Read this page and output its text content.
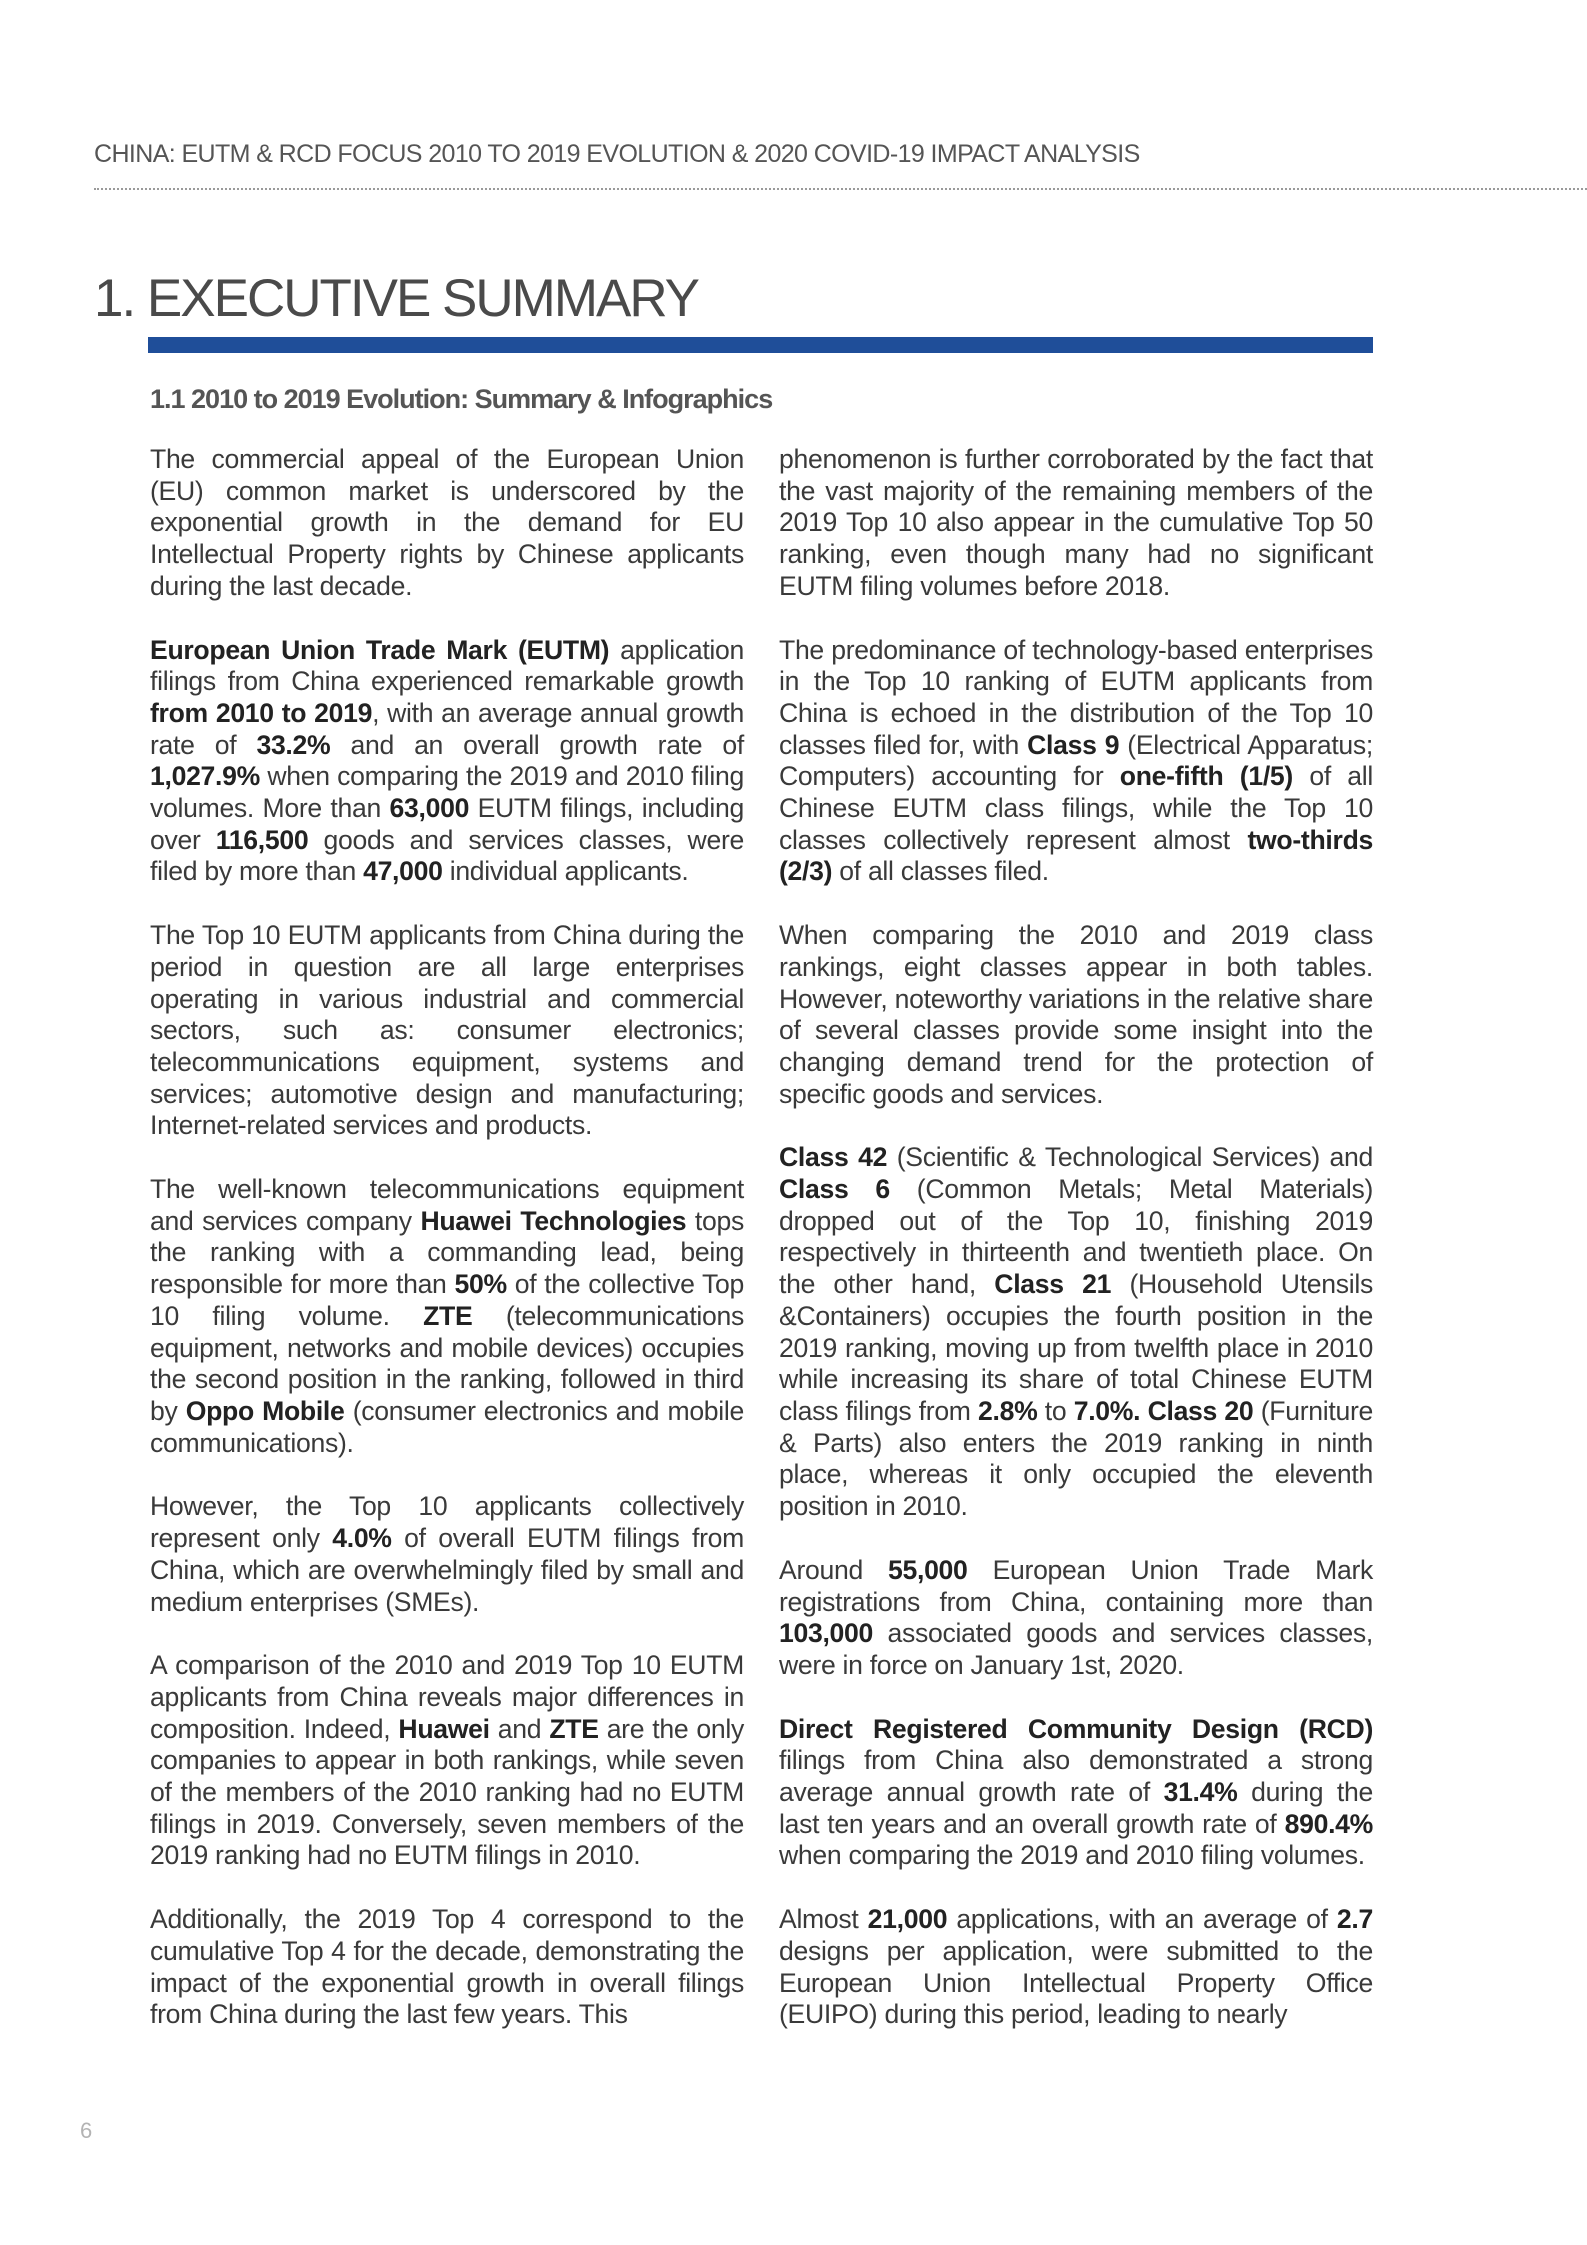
CHINA: EUTM & RCD FOCUS 2010 TO 2019 EVOLUTION & 2020 COVID-19 IMPACT ANALYSIS
1. EXECUTIVE SUMMARY
1.1 2010 to 2019 Evolution: Summary & Infographics

The commercial appeal of the European Union (EU) common market is underscored by the exponential growth in the demand for EU Intellectual Property rights by Chinese applicants during the last decade.

European Union Trade Mark (EUTM) application filings from China experienced remarkable growth from 2010 to 2019, with an average annual growth rate of 33.2% and an overall growth rate of 1,027.9% when comparing the 2019 and 2010 filing volumes. More than 63,000 EUTM filings, including over 116,500 goods and services classes, were filed by more than 47,000 individual applicants.

The Top 10 EUTM applicants from China during the period in question are all large enterprises operating in various industrial and commercial sectors, such as: consumer electronics; telecommunications equipment, systems and services; automotive design and manufacturing; Internet-related services and products.

The well-known telecommunications equipment and services company Huawei Technologies tops the ranking with a commanding lead, being responsible for more than 50% of the collective Top 10 filing volume. ZTE (telecommunications equipment, networks and mobile devices) occupies the second position in the ranking, followed in third by Oppo Mobile (consumer electronics and mobile communications).

However, the Top 10 applicants collectively represent only 4.0% of overall EUTM filings from China, which are overwhelmingly filed by small and medium enterprises (SMEs).

A comparison of the 2010 and 2019 Top 10 EUTM applicants from China reveals major differences in composition. Indeed, Huawei and ZTE are the only companies to appear in both rankings, while seven of the members of the 2010 ranking had no EUTM filings in 2019. Conversely, seven members of the 2019 ranking had no EUTM filings in 2010.

Additionally, the 2019 Top 4 correspond to the cumulative Top 4 for the decade, demonstrating the impact of the exponential growth in overall filings from China during the last few years. This

phenomenon is further corroborated by the fact that the vast majority of the remaining members of the 2019 Top 10 also appear in the cumulative Top 50 ranking, even though many had no significant EUTM filing volumes before 2018.

The predominance of technology-based enterprises in the Top 10 ranking of EUTM applicants from China is echoed in the distribution of the Top 10 classes filed for, with Class 9 (Electrical Apparatus; Computers) accounting for one-fifth (1/5) of all Chinese EUTM class filings, while the Top 10 classes collectively represent almost two-thirds (2/3) of all classes filed.

When comparing the 2010 and 2019 class rankings, eight classes appear in both tables. However, noteworthy variations in the relative share of several classes provide some insight into the changing demand trend for the protection of specific goods and services.

Class 42 (Scientific & Technological Services) and Class 6 (Common Metals; Metal Materials) dropped out of the Top 10, finishing 2019 respectively in thirteenth and twentieth place. On the other hand, Class 21 (Household Utensils &Containers) occupies the fourth position in the 2019 ranking, moving up from twelfth place in 2010 while increasing its share of total Chinese EUTM class filings from 2.8% to 7.0%. Class 20 (Furniture & Parts) also enters the 2019 ranking in ninth place, whereas it only occupied the eleventh position in 2010.

Around 55,000 European Union Trade Mark registrations from China, containing more than 103,000 associated goods and services classes, were in force on January 1st, 2020.

Direct Registered Community Design (RCD) filings from China also demonstrated a strong average annual growth rate of 31.4% during the last ten years and an overall growth rate of 890.4% when comparing the 2019 and 2010 filing volumes.

Almost 21,000 applications, with an average of 2.7 designs per application, were submitted to the European Union Intellectual Property Office (EUIPO) during this period, leading to nearly

6
